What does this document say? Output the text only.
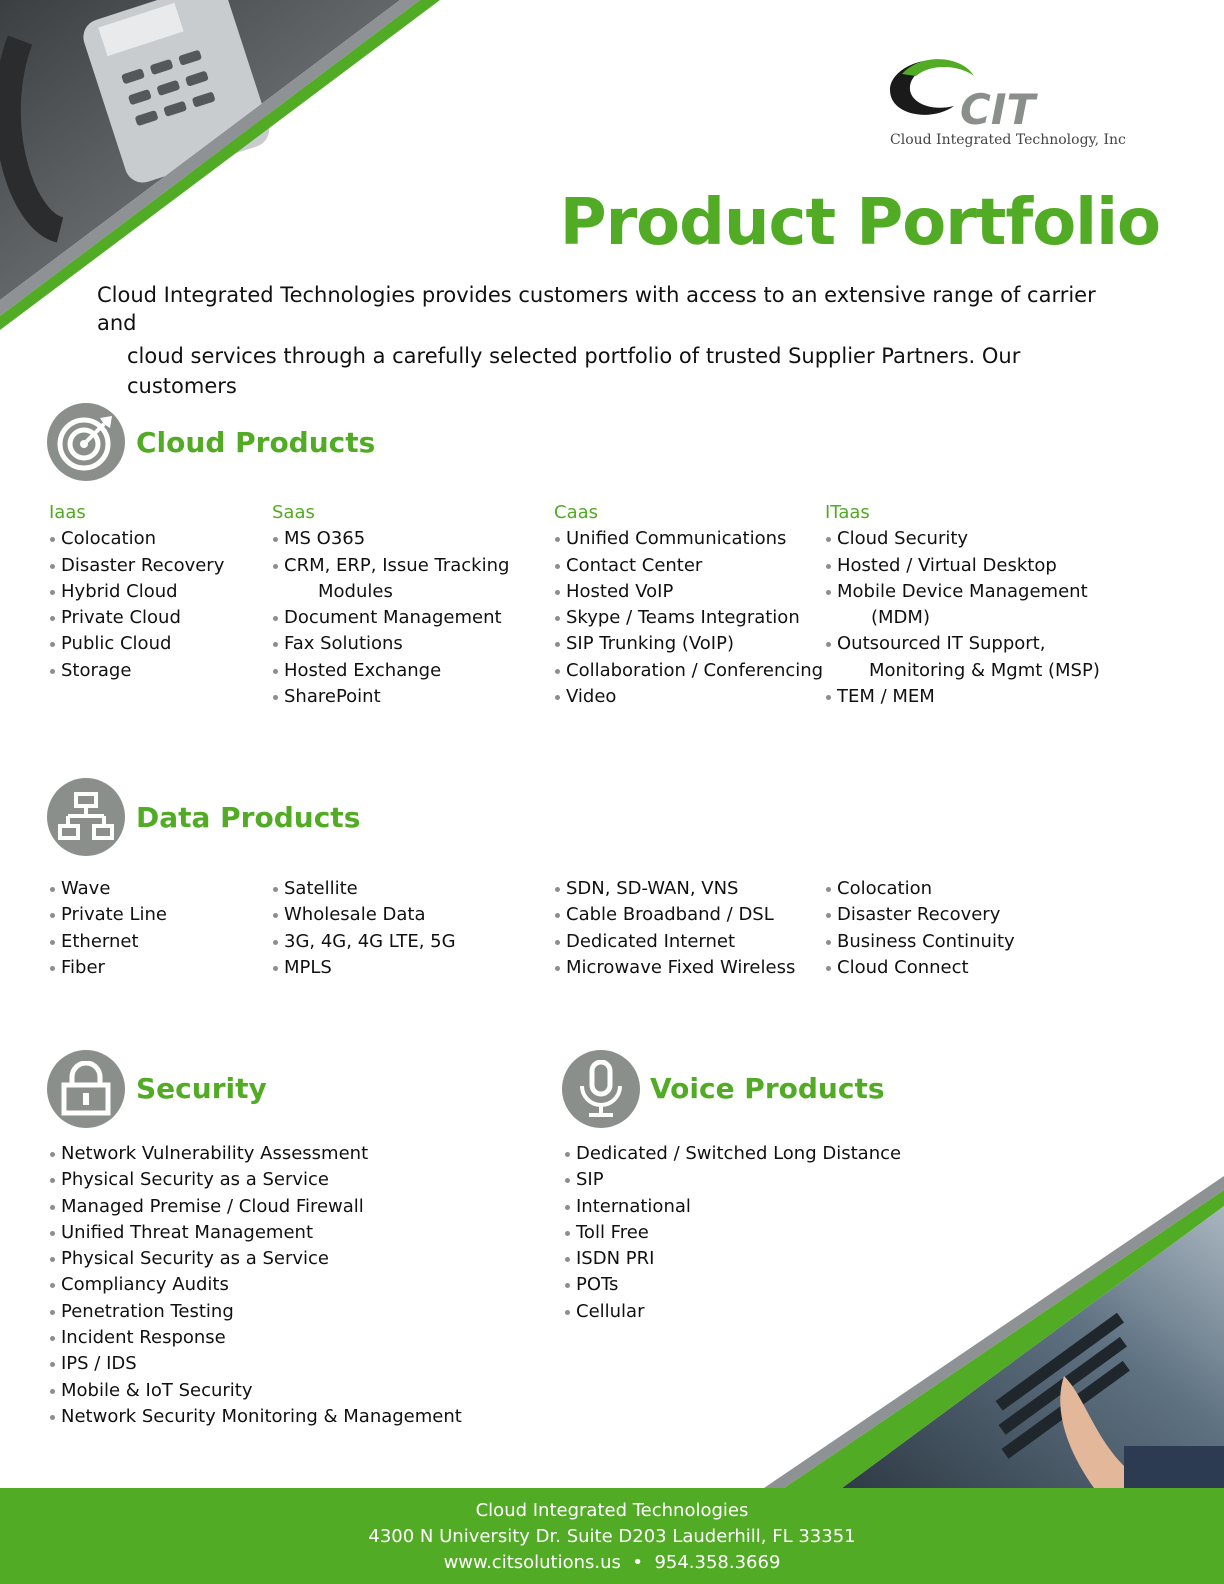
CIT
Cloud Integrated Technology, Inc
Product Portfolio
Cloud Integrated Technologies provides customers with access to an extensive range of carrier
and
cloud services through a carefully selected portfolio of trusted Supplier Partners. Our
customers
Cloud Products
Iaas
Colocation
Disaster Recovery
Hybrid Cloud
Private Cloud
Public Cloud
Storage
Saas
MS O365
CRM, ERP, Issue Tracking
Modules
Document Management
Fax Solutions
Hosted Exchange
SharePoint
Caas
Unified Communications
Contact Center
Hosted VoIP
Skype / Teams Integration
SIP Trunking (VoIP)
Collaboration / Conferencing
Video
ITaas
Cloud Security
Hosted / Virtual Desktop
Mobile Device Management
(MDM)
Outsourced IT Support,
Monitoring & Mgmt (MSP)
TEM / MEM
Data Products
Wave
Private Line
Ethernet
Fiber
Satellite
Wholesale Data
3G, 4G, 4G LTE, 5G
MPLS
SDN, SD-WAN, VNS
Cable Broadband / DSL
Dedicated Internet
Microwave Fixed Wireless
Colocation
Disaster Recovery
Business Continuity
Cloud Connect
Security
Network Vulnerability Assessment
Physical Security as a Service
Managed Premise / Cloud Firewall
Unified Threat Management
Physical Security as a Service
Compliancy Audits
Penetration Testing
Incident Response
IPS / IDS
Mobile & IoT Security
Network Security Monitoring & Management
Voice Products
Dedicated / Switched Long Distance
SIP
International
Toll Free
ISDN PRI
POTs
Cellular
Cloud Integrated Technologies
4300 N University Dr. Suite D203 Lauderhill, FL 33351
www.citsolutions.us • 954.358.3669
